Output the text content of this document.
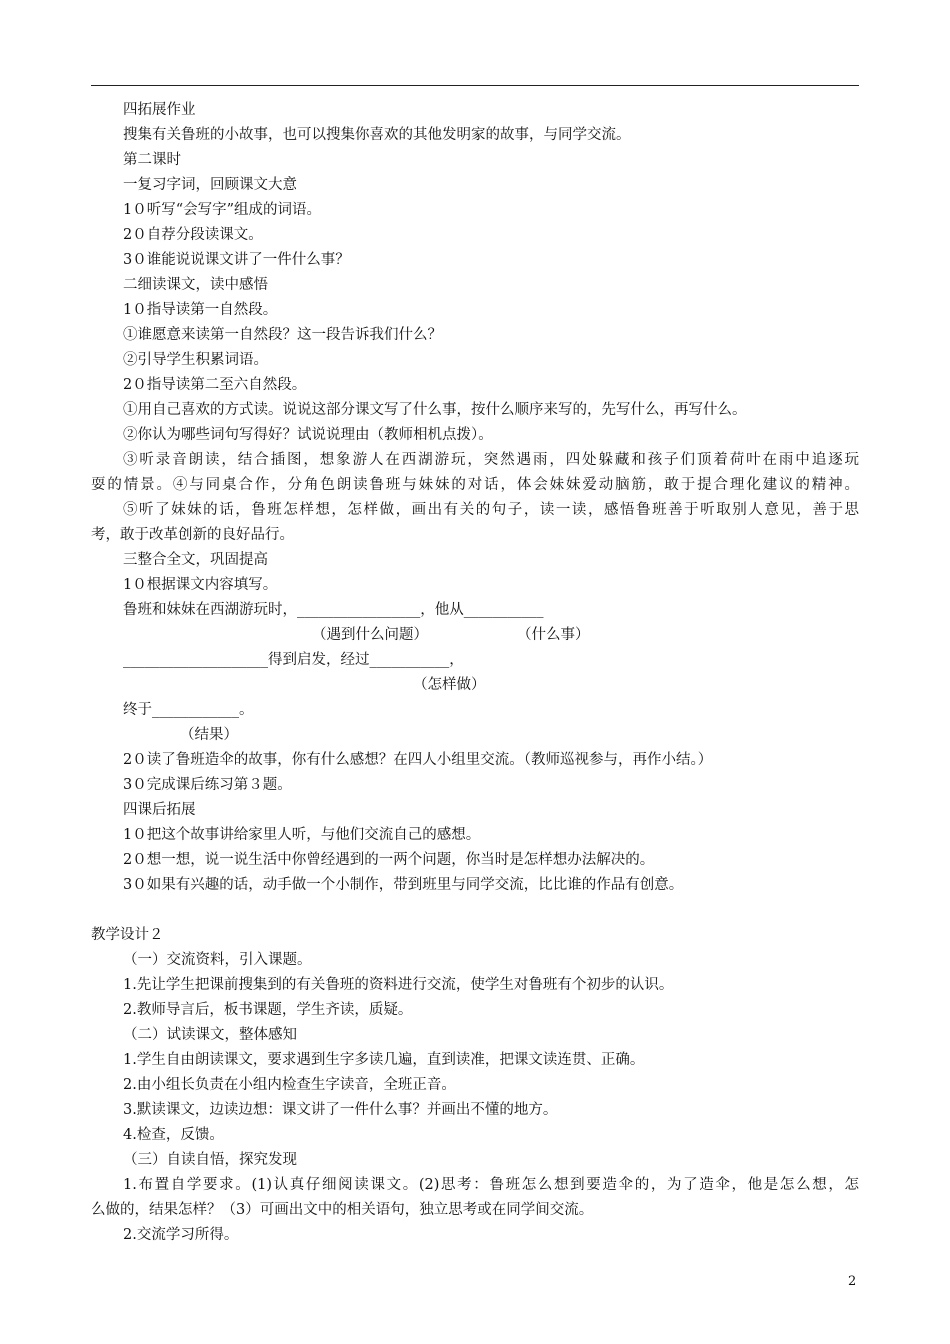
四拓展作业
搜集有关鲁班的小故事，也可以搜集你喜欢的其他发明家的故事，与同学交流。
第二课时
一复习字词，回顾课文大意
1０听写“会写字”组成的词语。
2０自荐分段读课文。
3０谁能说说课文讲了一件什么事？
二细读课文，读中感悟
1０指导读第一自然段。
①谁愿意来读第一自然段？这一段告诉我们什么？
②引导学生积累词语。
2０指导读第二至六自然段。
①用自己喜欢的方式读。说说这部分课文写了什么事，按什么顺序来写的，先写什么，再写什么。
②你认为哪些词句写得好？试说说理由（教师相机点拨）。
③听录音朗读，结合插图，想象游人在西湖游玩，突然遇雨，四处躲藏和孩子们顶着荷叶在雨中追逐玩
耍的情景。④与同桌合作，分角色朗读鲁班与妹妹的对话，体会妹妹爱动脑筋，敢于提合理化建议的精神。
⑤听了妹妹的话，鲁班怎样想，怎样做，画出有关的句子，读一读，感悟鲁班善于听取别人意见，善于思
考，敢于改革创新的良好品行。
三整合全文，巩固提高
1０根据课文内容填写。
鲁班和妹妹在西湖游玩时，_________________，他从___________
（遇到什么问题）	（什么事）
____________________得到启发，经过___________，
（怎样做）
终于____________。
（结果）
2０读了鲁班造伞的故事，你有什么感想？在四人小组里交流。（教师巡视参与，再作小结。）
3０完成课后练习第３题。
四课后拓展
1０把这个故事讲给家里人听，与他们交流自己的感想。
2０想一想，说一说生活中你曾经遇到的一两个问题，你当时是怎样想办法解决的。
3０如果有兴趣的话，动手做一个小制作，带到班里与同学交流，比比谁的作品有创意。
教学设计２
（一）交流资料，引入课题。
1.先让学生把课前搜集到的有关鲁班的资料进行交流，使学生对鲁班有个初步的认识。
2.教师导言后，板书课题，学生齐读，质疑。
（二）试读课文，整体感知
1.学生自由朗读课文，要求遇到生字多读几遍，直到读准，把课文读连贯、正确。
2.由小组长负责在小组内检查生字读音，全班正音。
3.默读课文，边读边想：课文讲了一件什么事？并画出不懂的地方。
4.检查，反馈。
（三）自读自悟，探究发现
1.布置自学要求。(1)认真仔细阅读课文。(2)思考：鲁班怎么想到要造伞的，为了造伞，他是怎么想，怎
么做的，结果怎样？（3）可画出文中的相关语句，独立思考或在同学间交流。
2.交流学习所得。
2
